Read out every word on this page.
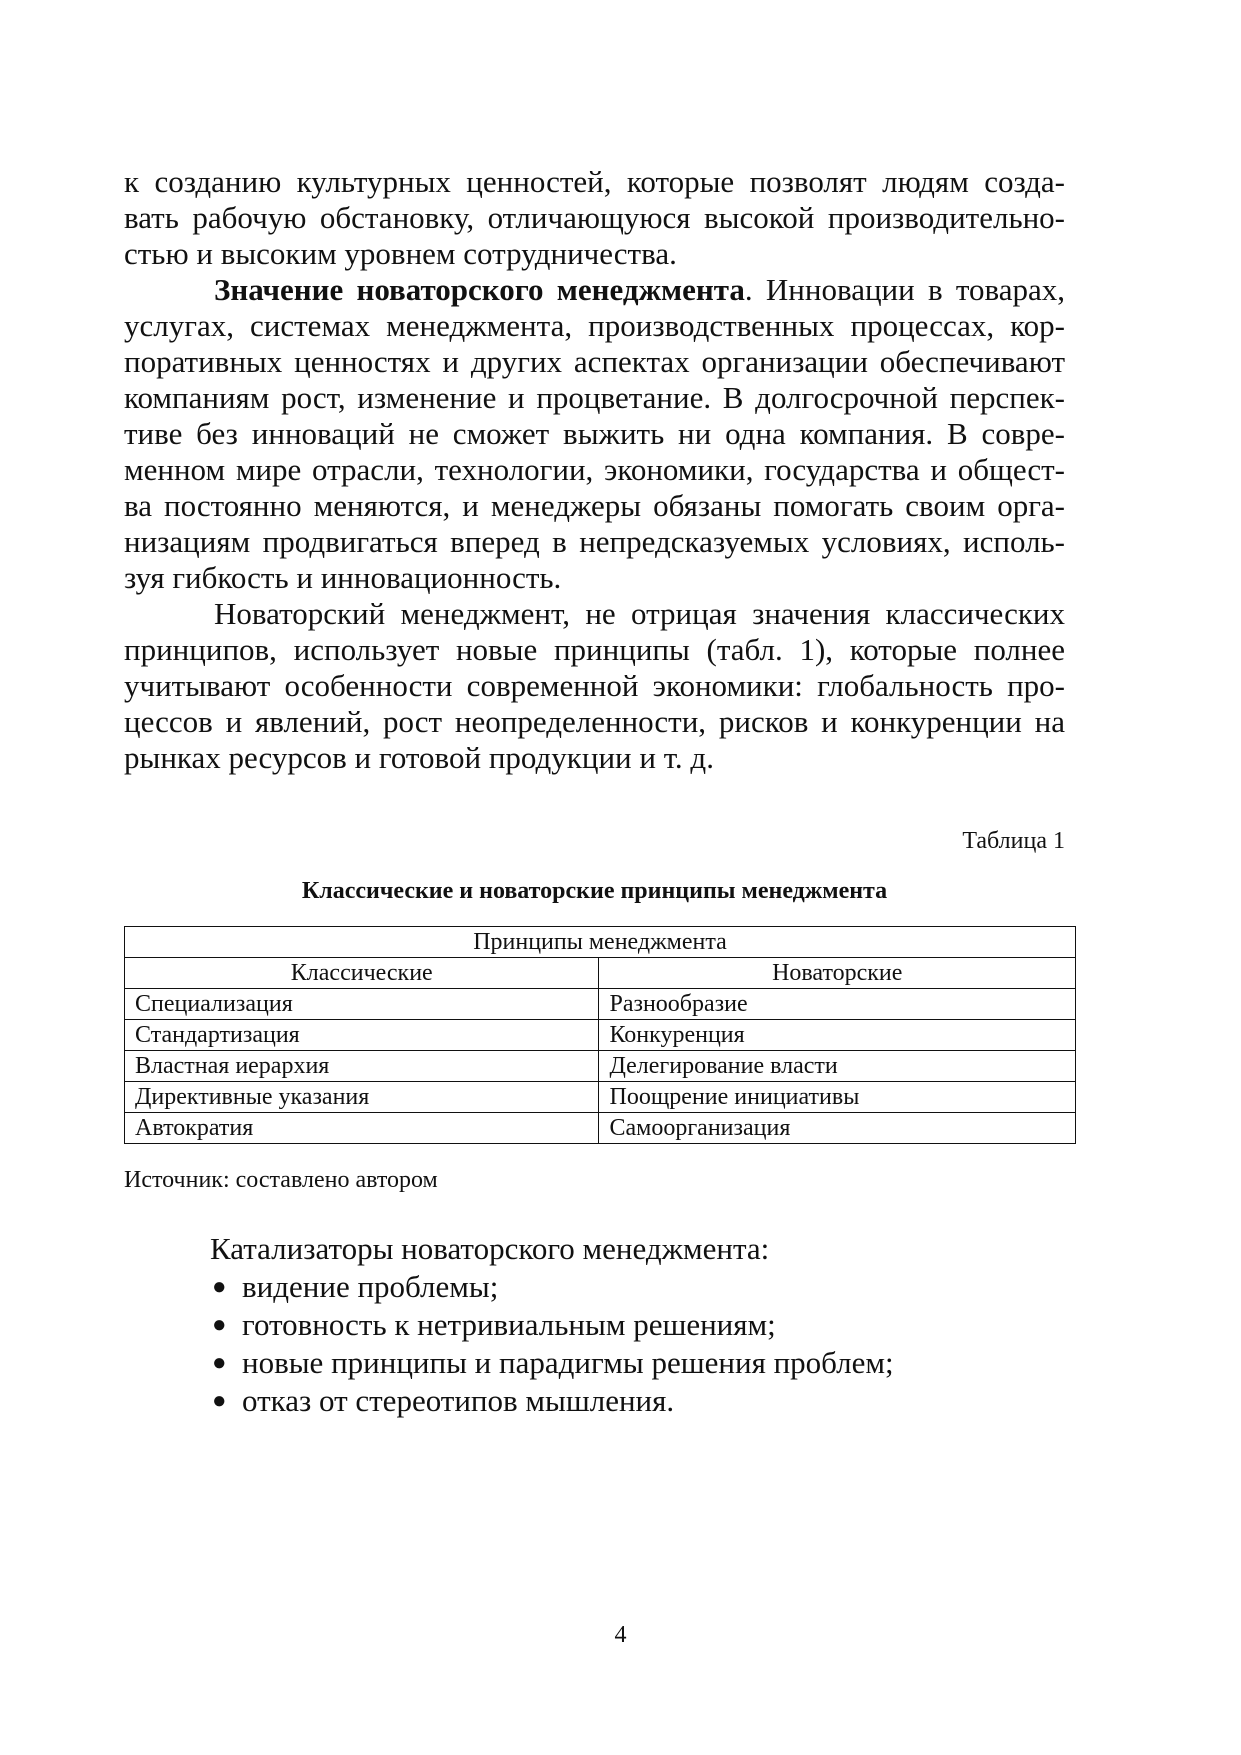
к созданию культурных ценностей, которые позволят людям созда-
вать рабочую обстановку, отличающуюся высокой производительно-
стью и высоким уровнем сотрудничества.
Значение новаторского менеджмента. Инновации в товарах,
услугах, системах менеджмента, производственных процессах, кор-
поративных ценностях и других аспектах организации обеспечивают
компаниям рост, изменение и процветание. В долгосрочной перспек-
тиве без инноваций не сможет выжить ни одна компания. В совре-
менном мире отрасли, технологии, экономики, государства и общест-
ва постоянно меняются, и менеджеры обязаны помогать своим орга-
низациям продвигаться вперед в непредсказуемых условиях, исполь-
зуя гибкость и инновационность.
Новаторский менеджмент, не отрицая значения классических
принципов, использует новые принципы (табл. 1), которые полнее
учитывают особенности современной экономики: глобальность про-
цессов и явлений, рост неопределенности, рисков и конкуренции на
рынках ресурсов и готовой продукции и т. д.
Таблица 1
Классические и новаторские принципы менеджмента
Принципы менеджмента	
Классические	Новаторские
Специализация	Разнообразие
Стандартизация	Конкуренция
Властная иерархия	Делегирование власти
Директивные указания	Поощрение инициативы
Автократия	Самоорганизация
Источник: составлено автором
Катализаторы новаторского менеджмента:
● видение проблемы;
● готовность к нетривиальным решениям;
● новые принципы и парадигмы решения проблем;
● отказ от стереотипов мышления.
4
